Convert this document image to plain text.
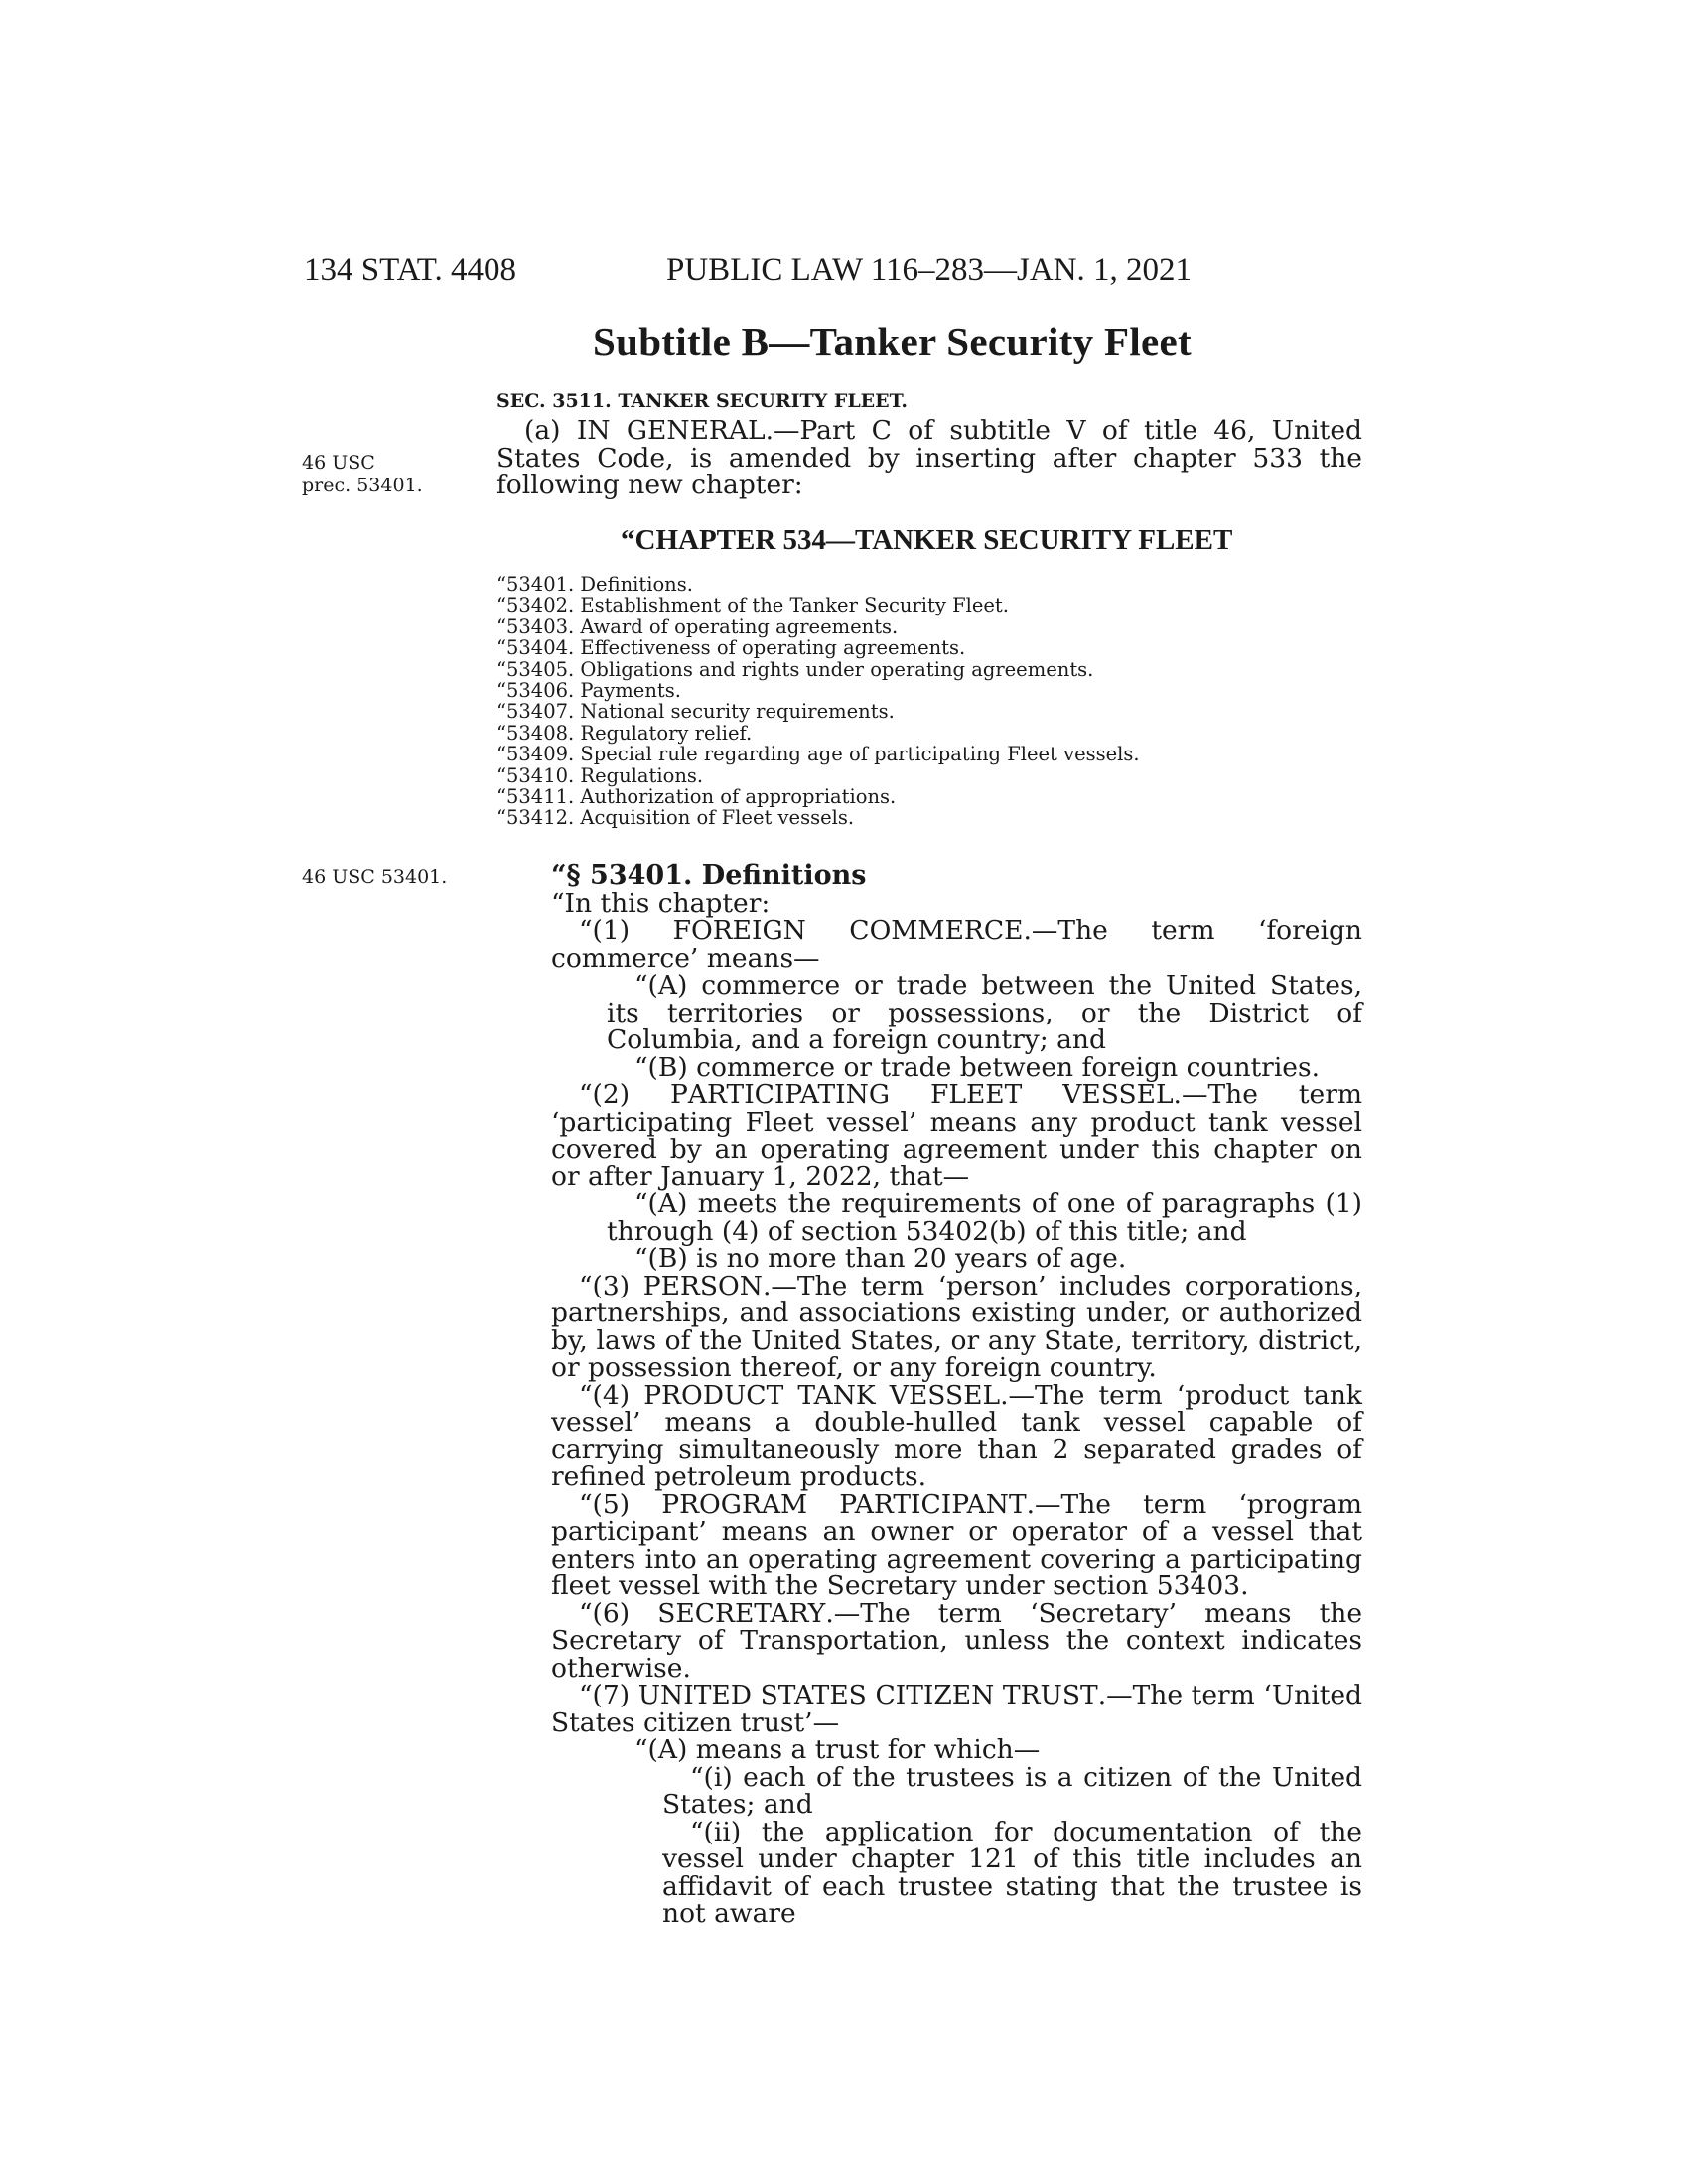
134 STAT. 4408	PUBLIC LAW 116–283—JAN. 1, 2021
Subtitle B—Tanker Security Fleet
SEC. 3511. TANKER SECURITY FLEET.
46 USC
prec. 53401.

(a) IN GENERAL.—Part C of subtitle V of title 46, United States Code, is amended by inserting after chapter 533 the following new chapter:

“CHAPTER 534—TANKER SECURITY FLEET
“53401. Definitions.
“53402. Establishment of the Tanker Security Fleet.
“53403. Award of operating agreements.
“53404. Effectiveness of operating agreements.
“53405. Obligations and rights under operating agreements.
“53406. Payments.
“53407. National security requirements.
“53408. Regulatory relief.
“53409. Special rule regarding age of participating Fleet vessels.
“53410. Regulations.
“53411. Authorization of appropriations.
“53412. Acquisition of Fleet vessels.
46 USC 53401.	“§ 53401. Definitions
“In this chapter:

“(1) FOREIGN COMMERCE.—The term ‘foreign commerce’ means—

“(A) commerce or trade between the United States, its territories or possessions, or the District of Columbia, and a foreign country; and

“(B) commerce or trade between foreign countries.

“(2) PARTICIPATING FLEET VESSEL.—The term ‘participating Fleet vessel’ means any product tank vessel covered by an operating agreement under this chapter on or after January 1, 2022, that—

“(A) meets the requirements of one of paragraphs (1) through (4) of section 53402(b) of this title; and

“(B) is no more than 20 years of age.

“(3) PERSON.—The term ‘person’ includes corporations, partnerships, and associations existing under, or authorized by, laws of the United States, or any State, territory, district, or possession thereof, or any foreign country.

“(4) PRODUCT TANK VESSEL.—The term ‘product tank vessel’ means a double-hulled tank vessel capable of carrying simultaneously more than 2 separated grades of refined petroleum products.

“(5) PROGRAM PARTICIPANT.—The term ‘program participant’ means an owner or operator of a vessel that enters into an operating agreement covering a participating fleet vessel with the Secretary under section 53403.

“(6) SECRETARY.—The term ‘Secretary’ means the Secretary of Transportation, unless the context indicates otherwise.

“(7) UNITED STATES CITIZEN TRUST.—The term ‘United States citizen trust’—

“(A) means a trust for which—

“(i) each of the trustees is a citizen of the United States; and

“(ii) the application for documentation of the vessel under chapter 121 of this title includes an affidavit of each trustee stating that the trustee is not aware
